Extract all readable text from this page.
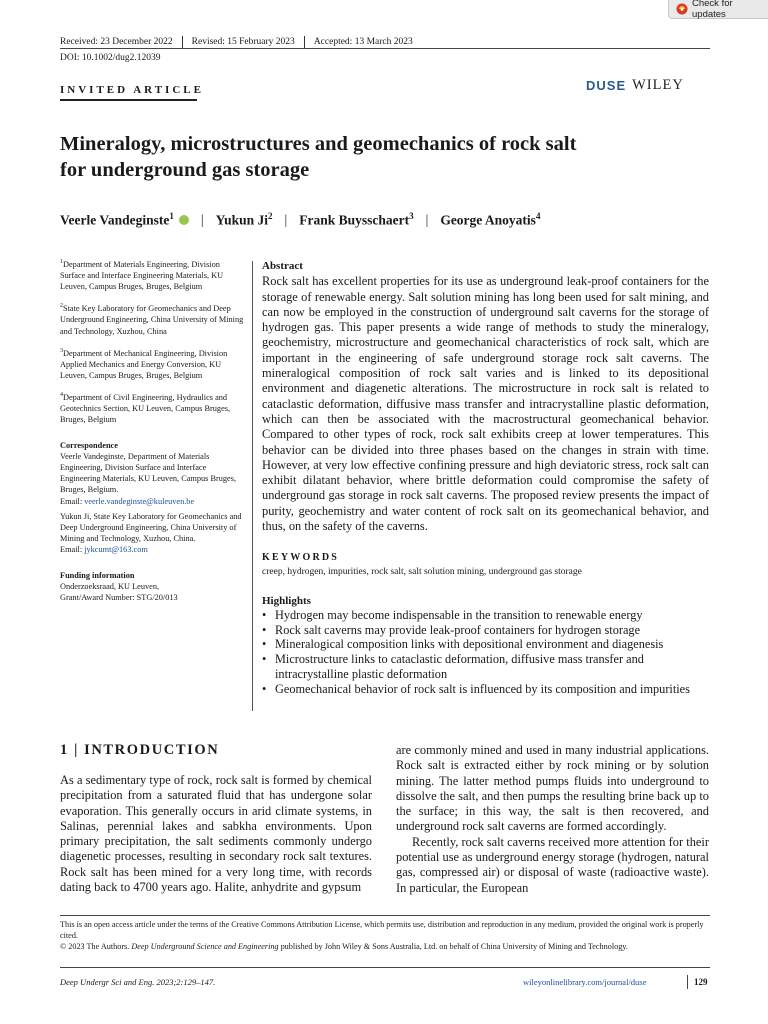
Check for updates
Received: 23 December 2022 Revised: 15 February 2023 Accepted: 13 March 2023
DOI: 10.1002/dug2.12039
INVITED ARTICLE	DUSE WILEY
Mineralogy, microstructures and geomechanics of rock salt
for underground gas storage
Veerle Vandeginste$^1$ | Yukun Ji$^2$ | Frank Buysschaert$^3$ | George Anoyatis$^4$
$^1$Department of Materials Engineering, Division Surface and Interface Engineering Materials, KU Leuven, Campus Bruges, Bruges, Belgium
$^2$State Key Laboratory for Geomechanics and Deep Underground Engineering, China University of Mining and Technology, Xuzhou, China
$^3$Department of Mechanical Engineering, Division Applied Mechanics and Energy Conversion, KU Leuven, Campus Bruges, Bruges, Belgium
$^4$Department of Civil Engineering, Hydraulics and Geotechnics Section, KU Leuven, Campus Bruges, Bruges, Belgium
Correspondence
Veerle Vandeginste, Department of Materials Engineering, Division Surface and Interface Engineering Materials, KU Leuven, Campus Bruges, Bruges, Belgium.
Email: veerle.vandeginste@kuleuven.be
Yukun Ji, State Key Laboratory for Geomechanics and Deep Underground Engineering, China University of Mining and Technology, Xuzhou, China.
Email: jykcumt@163.com
Funding information
Onderzoeksraad, KU Leuven,
Grant/Award Number: STG/20/013
Abstract
Rock salt has excellent properties for its use as underground leak-proof containers for the storage of renewable energy. Salt solution mining has long been used for salt mining, and can now be employed in the construction of underground salt caverns for the storage of hydrogen gas. This paper presents a wide range of methods to study the mineralogy, geochemistry, microstructure and geomechanical characteristics of rock salt, which are important in the engineering of safe underground storage rock salt caverns. The mineralogical composition of rock salt varies and is linked to its depositional environment and diagenetic alterations. The microstructure in rock salt is related to cataclastic deformation, diffusive mass transfer and intracrystalline plastic deformation, which can then be associated with the macrostructural geomechanical behavior. Compared to other types of rock, rock salt exhibits creep at lower temperatures. This behavior can be divided into three phases based on the changes in strain with time. However, at very low effective confining pressure and high deviatoric stress, rock salt can exhibit dilatant behavior, where brittle deformation could compromise the safety of underground gas storage in rock salt caverns. The proposed review presents the impact of purity, geochemistry and water content of rock salt on its geomechanical behavior, and thus, on the safety of the caverns.
KEYWORDS
creep, hydrogen, impurities, rock salt, salt solution mining, underground gas storage
Highlights
• Hydrogen may become indispensable in the transition to renewable energy
• Rock salt caverns may provide leak-proof containers for hydrogen storage
• Mineralogical composition links with depositional environment and diagenesis
• Microstructure links to cataclastic deformation, diffusive mass transfer and intracrystalline plastic deformation
• Geomechanical behavior of rock salt is influenced by its composition and impurities
1 | INTRODUCTION

As a sedimentary type of rock, rock salt is formed by chemical precipitation from a saturated fluid that has undergone solar evaporation. This generally occurs in arid climate systems, in Salinas, perennial lakes and sabkha environments. Upon primary precipitation, the salt sediments commonly undergo diagenetic processes, resulting in secondary rock salt textures. Rock salt has been mined for a very long time, with records dating back to 4700 years ago. Halite, anhydrite and gypsum

are commonly mined and used in many industrial applications. Rock salt is extracted either by rock mining or by solution mining. The latter method pumps fluids into underground to dissolve the salt, and then pumps the resulting brine back up to the surface; in this way, the salt is then recovered, and underground rock salt caverns are formed accordingly.

Recently, rock salt caverns received more attention for their potential use as underground energy storage (hydrogen, natural gas, compressed air) or disposal of waste (radioactive waste). In particular, the European

This is an open access article under the terms of the Creative Commons Attribution License, which permits use, distribution and reproduction in any medium, provided the original work is properly cited.
© 2023 The Authors. Deep Underground Science and Engineering published by John Wiley & Sons Australia, Ltd. on behalf of China University of Mining and Technology.
Deep Undergr Sci and Eng. 2023;2:129–147.	wileyonlinelibrary.com/journal/duse	129
